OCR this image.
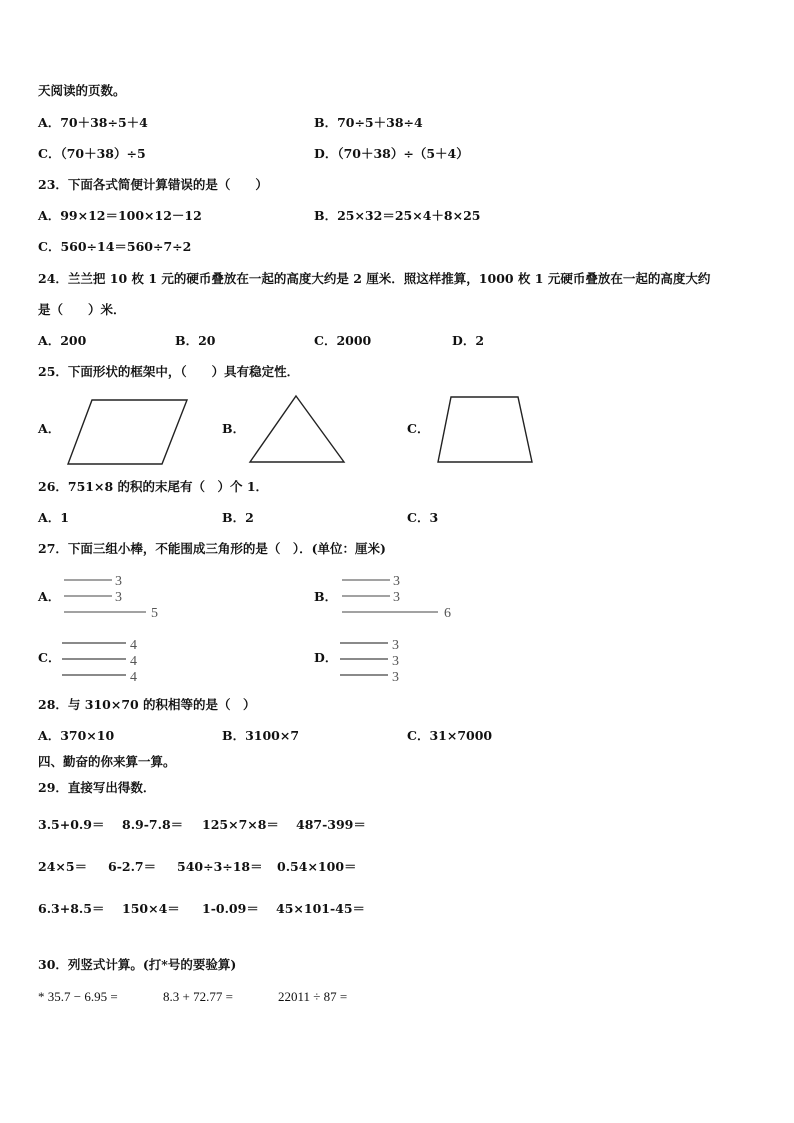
天阅读的页数。
A．70＋38÷5＋4	B．70÷5＋38÷4
C．（70＋38）÷5	D．（70＋38）÷（5＋4）
23．下面各式简便计算错误的是（　　）
A．99×12＝100×12－12	B．25×32＝25×4＋8×25
C．560÷14＝560÷7÷2
24．兰兰把 10 枚 1 元的硬币叠放在一起的高度大约是 2 厘米．照这样推算，1000 枚 1 元硬币叠放在一起的高度大约
是（　　）米．
A．200	B．20	C．2000	D．2
25．下面形状的框架中，（　　）具有稳定性．
A．	B．	C．
26．751×8 的积的末尾有（　）个 1．
A．1	B．2	C．3
27．下面三组小棒，不能围成三角形的是（　）．(单位：厘米)
A．
3
3
5
B．
3
3
6
C．
4
4
4
D．
3
3
3
28．与 310×70 的积相等的是（　）
A．370×10	B．3100×7	C．31×7000
四、勤奋的你来算一算。
29．直接写出得数．
3.5+0.9＝ 8.9-7.8＝ 125×7×8＝ 487-399＝
24×5＝ 6-2.7＝ 540÷3÷18＝ 0.54×100＝
6.3+8.5＝ 150×4＝ 1-0.09＝ 45×101-45＝
30．列竖式计算。(打*号的要验算)
* 35.7 − 6.95 =	8.3 + 72.77 =	22011 ÷ 87 =
